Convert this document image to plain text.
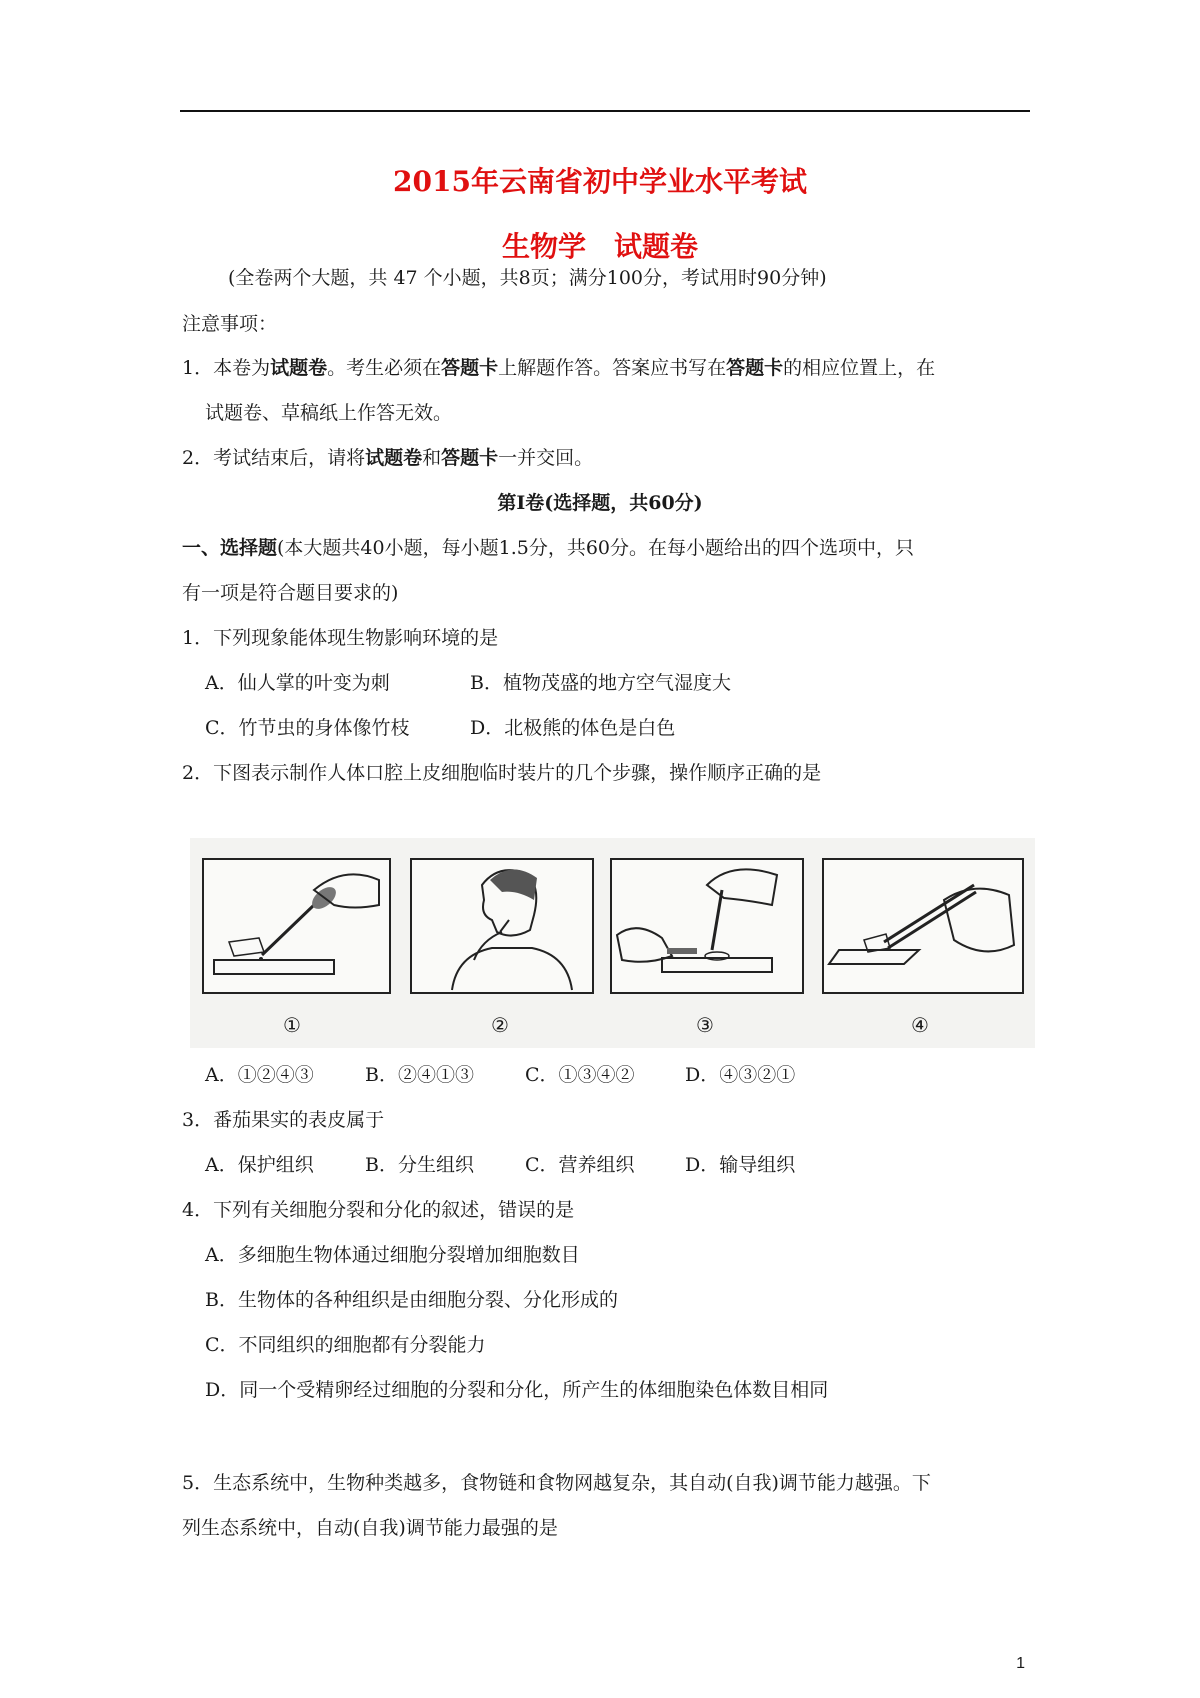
2015年云南省初中学业水平考试
生物学　试题卷
(全卷两个大题，共 47 个小题，共8页；满分100分，考试用时90分钟)
注意事项：
1．本卷为试题卷。考生必须在答题卡上解题作答。答案应书写在答题卡的相应位置上，在
试题卷、草稿纸上作答无效。
2．考试结束后，请将试题卷和答题卡一并交回。
第Ⅰ卷(选择题，共60分)
一、选择题(本大题共40小题，每小题1.5分，共60分。在每小题给出的四个选项中，只
有一项是符合题目要求的)
1．下列现象能体现生物影响环境的是
A．仙人掌的叶变为刺	B．植物茂盛的地方空气湿度大
C．竹节虫的身体像竹枝	D．北极熊的体色是白色
2．下图表示制作人体口腔上皮细胞临时装片的几个步骤，操作顺序正确的是
①	②	③	④
A．①②④③	B．②④①③	C．①③④②	D．④③②①
3．番茄果实的表皮属于
A．保护组织	B．分生组织	C．营养组织	D．输导组织
4．下列有关细胞分裂和分化的叙述，错误的是
A．多细胞生物体通过细胞分裂增加细胞数目
B．生物体的各种组织是由细胞分裂、分化形成的
C．不同组织的细胞都有分裂能力
D．同一个受精卵经过细胞的分裂和分化，所产生的体细胞染色体数目相同
5．生态系统中，生物种类越多，食物链和食物网越复杂，其自动(自我)调节能力越强。下
列生态系统中，自动(自我)调节能力最强的是
1
